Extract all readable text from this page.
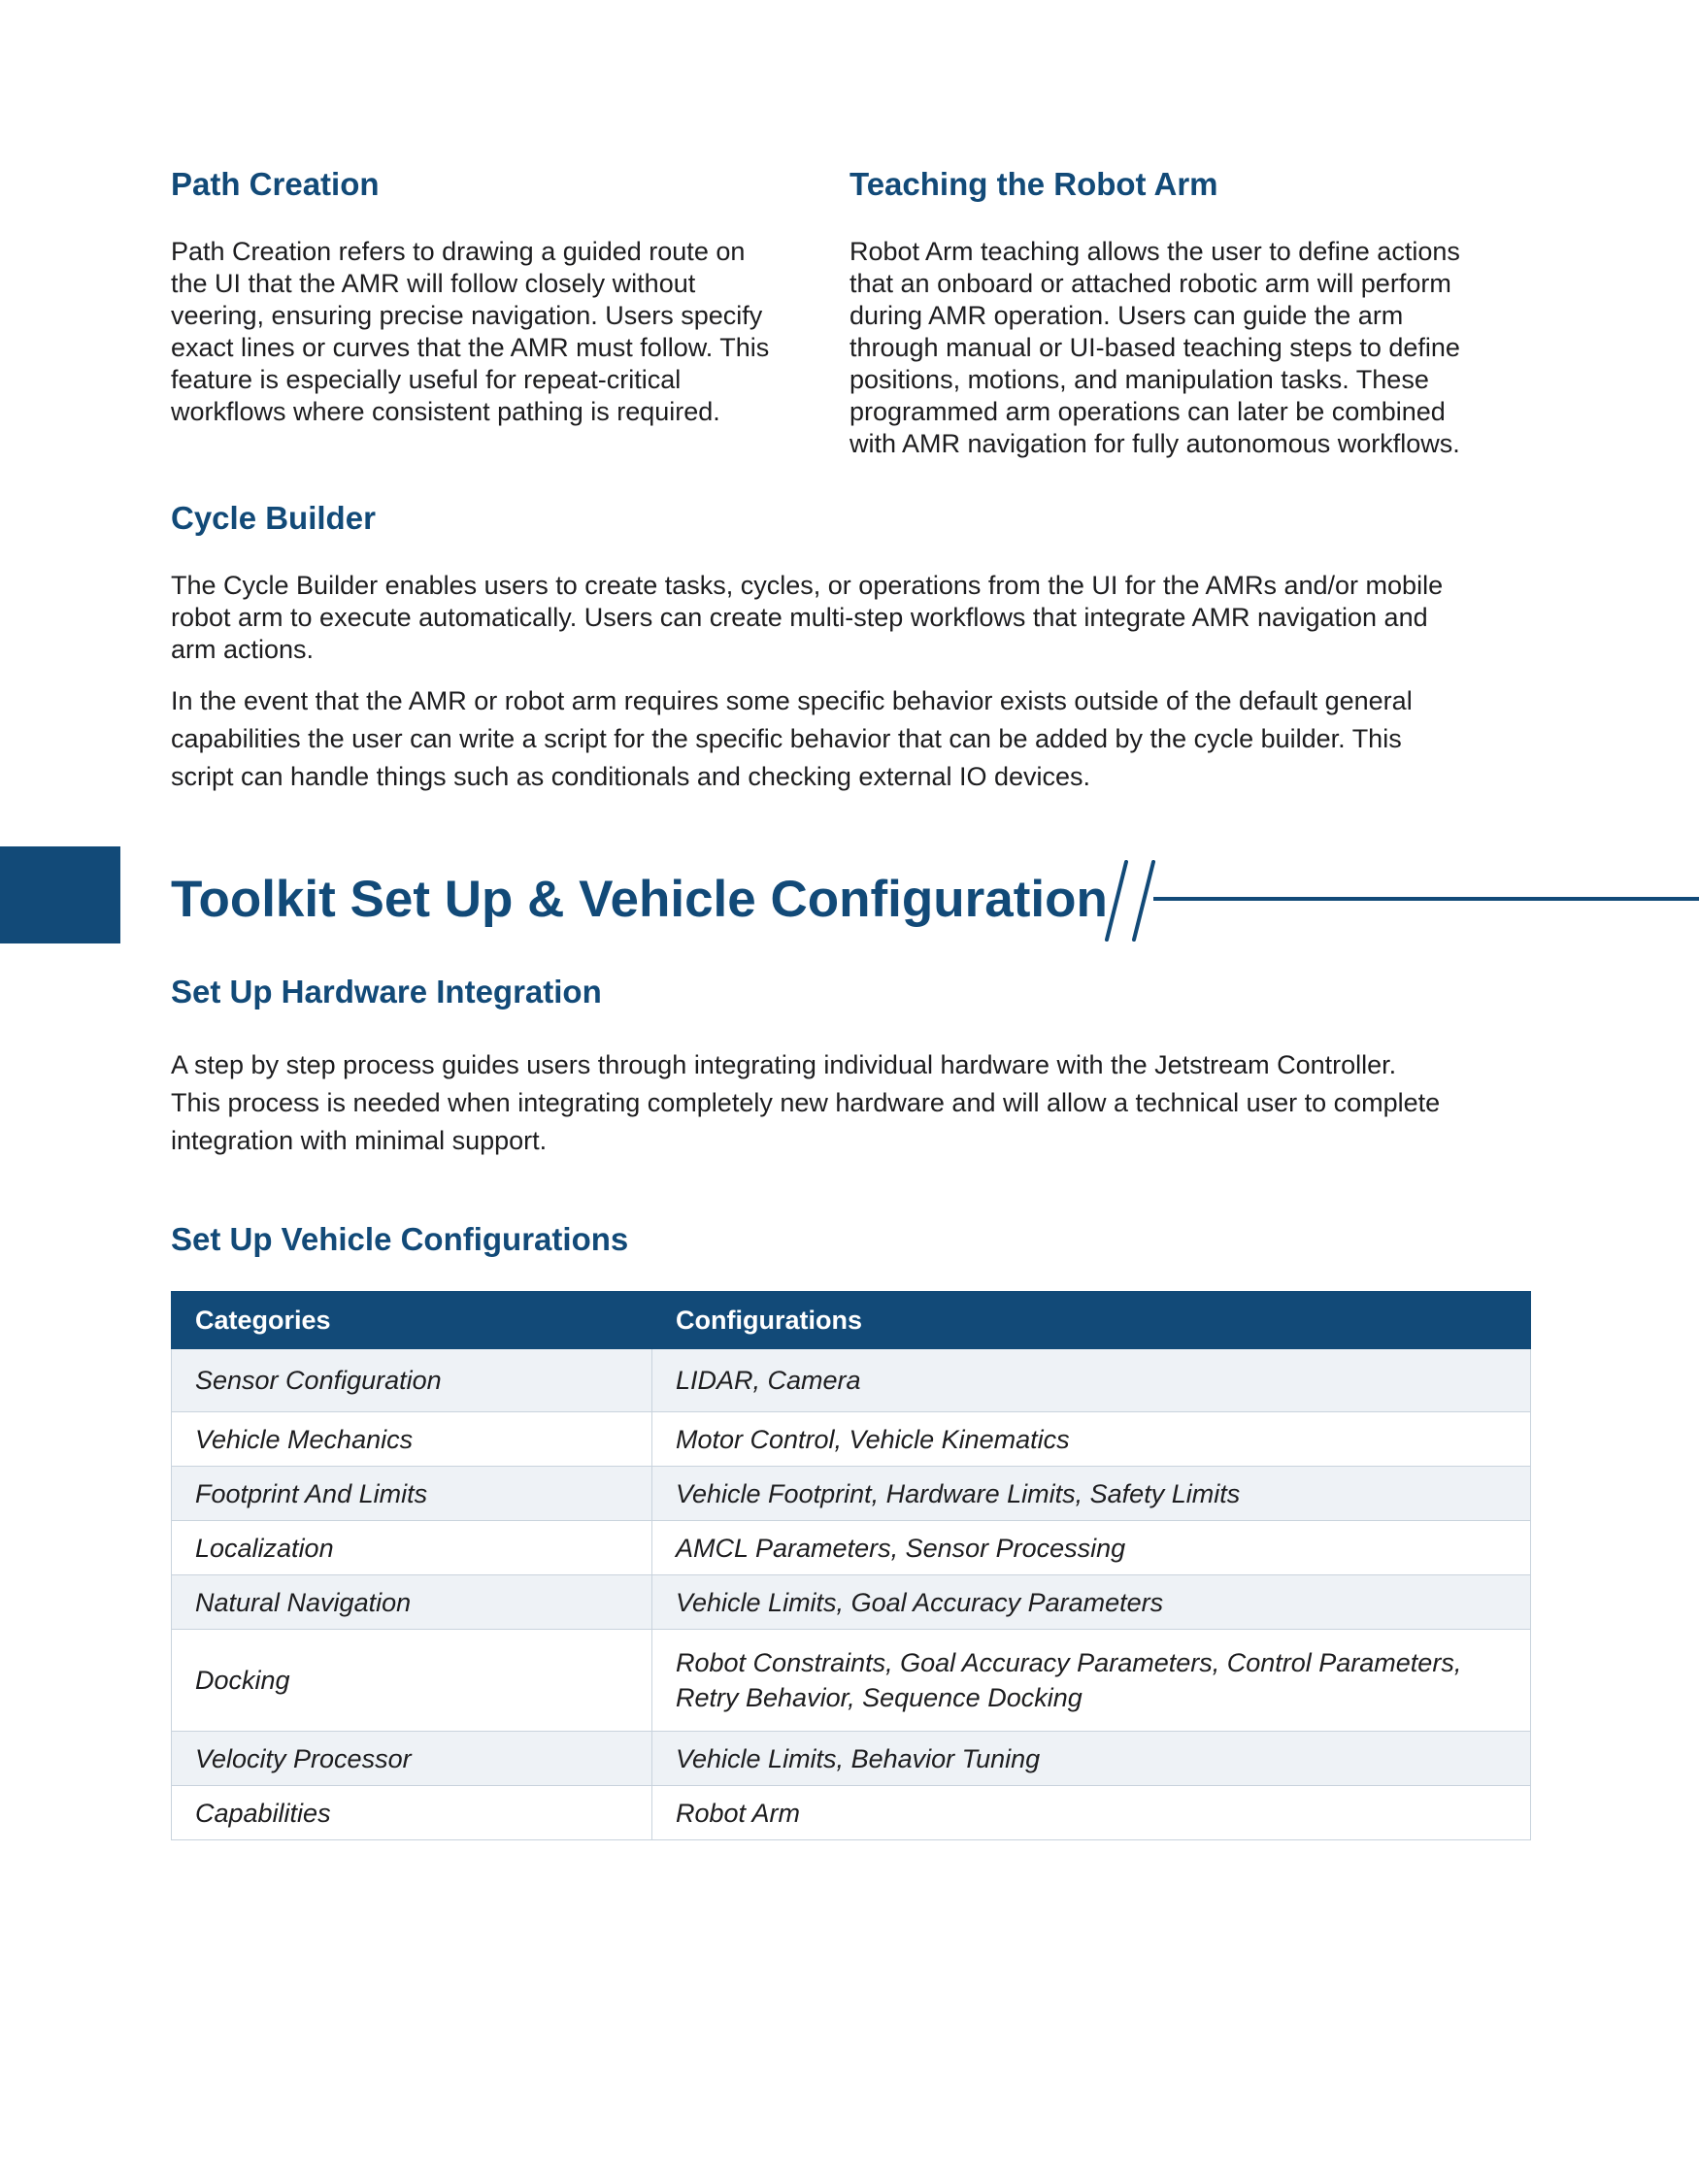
Path Creation

Path Creation refers to drawing a guided route on

the UI that the AMR will follow closely without

veering, ensuring precise navigation. Users specify

exact lines or curves that the AMR must follow. This

feature is especially useful for repeat-critical

workflows where consistent pathing is required.

Teaching the Robot Arm

Robot Arm teaching allows the user to define actions

that an onboard or attached robotic arm will perform

during AMR operation. Users can guide the arm

through manual or UI-based teaching steps to define

positions, motions, and manipulation tasks. These

programmed arm operations can later be combined

with AMR navigation for fully autonomous workflows.

Cycle Builder

The Cycle Builder enables users to create tasks, cycles, or operations from the UI for the AMRs and/or mobile

robot arm to execute automatically. Users can create multi-step workflows that integrate AMR navigation and

arm actions.

In the event that the AMR or robot arm requires some specific behavior exists outside of the default general

capabilities the user can write a script for the specific behavior that can be added by the cycle builder. This

script can handle things such as conditionals and checking external IO devices.

Toolkit Set Up & Vehicle Configuration
Set Up Hardware Integration

A step by step process guides users through integrating individual hardware with the Jetstream Controller.

This process is needed when integrating completely new hardware and will allow a technical user to complete

integration with minimal support.

Set Up Vehicle Configurations
Categories	Configurations
Sensor Configuration	LIDAR, Camera
Vehicle Mechanics	Motor Control, Vehicle Kinematics
Footprint And Limits	Vehicle Footprint, Hardware Limits, Safety Limits
Localization	AMCL Parameters, Sensor Processing
Natural Navigation	Vehicle Limits, Goal Accuracy Parameters
Docking	Robot Constraints, Goal Accuracy Parameters, Control Parameters,
Retry Behavior, Sequence Docking

Velocity Processor	Vehicle Limits, Behavior Tuning
Capabilities	Robot Arm
